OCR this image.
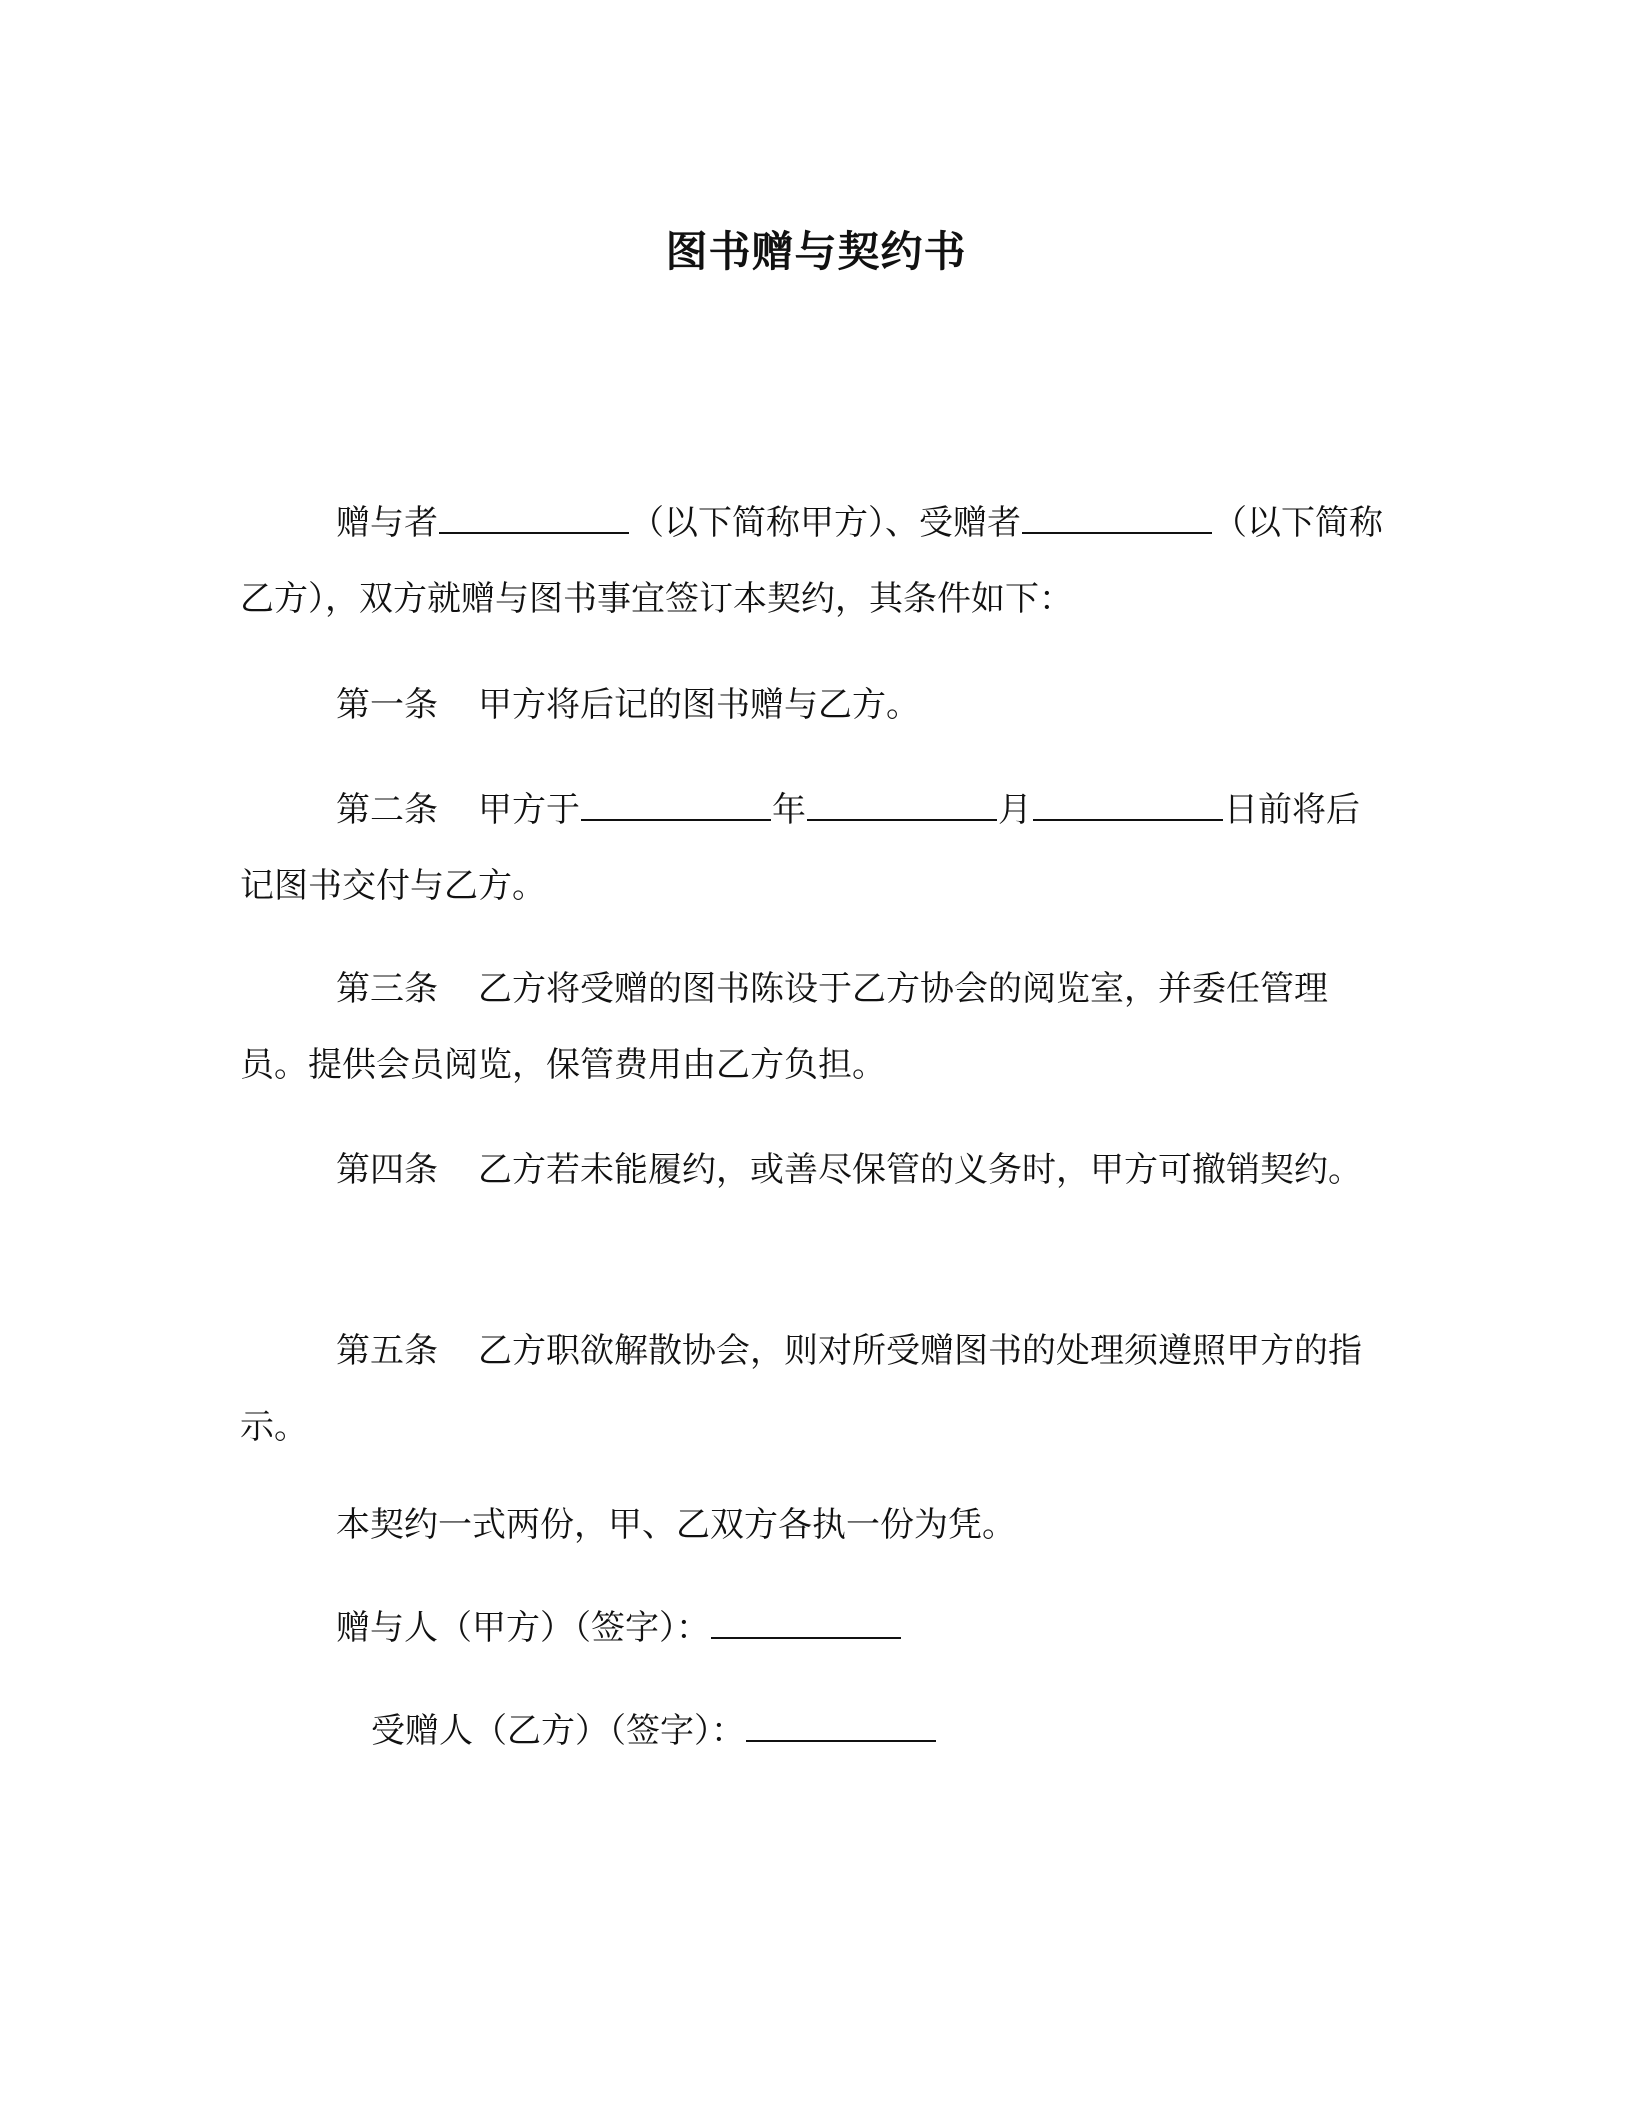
图书赠与契约书

赠与者	（以下简称甲方）、受赠者	（以下简称乙方），双方就赠与图书事宜签订本契约，其条件如下：

第一条 甲方将后记的图书赠与乙方。

第二条 甲方于	年	月	日前将后记图书交付与乙方。

第三条 乙方将受赠的图书陈设于乙方协会的阅览室，并委任管理员。提供会员阅览，保管费用由乙方负担。

第四条 乙方若未能履约，或善尽保管的义务时，甲方可撤销契约。

第五条 乙方职欲解散协会，则对所受赠图书的处理须遵照甲方的指示。

本契约一式两份，甲、乙双方各执一份为凭。

赠与人（甲方）（签字）：

受赠人（乙方）（签字）：
